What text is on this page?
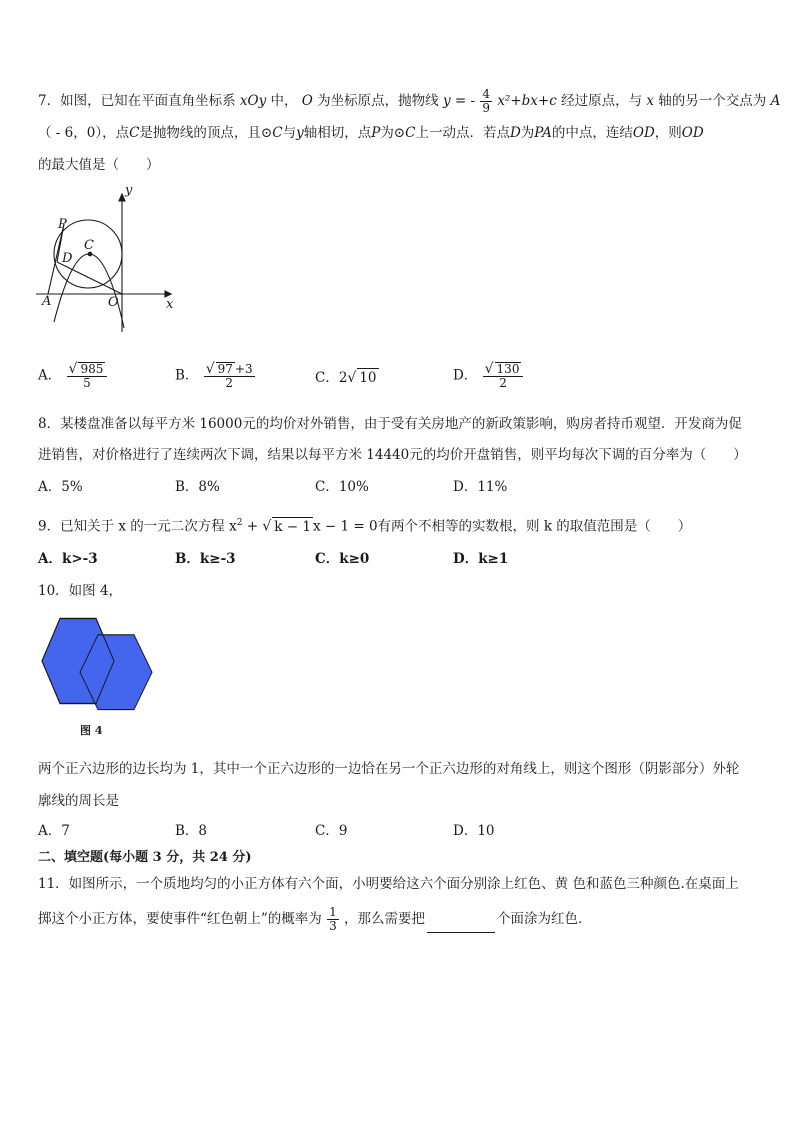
7．如图，已知在平面直角坐标系 xOy 中， O 为坐标原点，抛物线 y = - $\frac{4}{9} x^2+bx+c$ 经过原点，与 x 轴的另一个交点为 A
（ - 6，0），点C是抛物线的顶点，且⊙C与y轴相切，点P为⊙C上一动点．若点D为PA的中点，连结OD，则OD
的最大值是（　　）
y
x
P
C
D
A	O
A． $\frac{√ 985}{5}$	B． $\frac{√ 97 +3}{2}$	C．2√ 10	D． $\frac{√ 130}{2}$
8．某楼盘准备以每平方米 16000元的均价对外销售，由于受有关房地产的新政策影响，购房者持币观望．开发商为促
进销售，对价格进行了连续两次下调，结果以每平方米 14440元的均价开盘销售，则平均每次下调的百分率为（　　）
A．5%	B．8%	C．10%	D．11%
9．已知关于 x 的一元二次方程 $x^2$ + √ k − 1 x − 1 = 0有两个不相等的实数根，则 k 的取值范围是（　　）
A．k>-3	B．k≥-3	C．k≥0	D．k≥1
10．如图 4，
图 4
两个正六边形的边长均为 1，其中一个正六边形的一边恰在另一个正六边形的对角线上，则这个图形（阴影部分）外轮
廓线的周长是
A．7	B．8	C．9	D．10
二、填空题(每小题 3 分，共 24 分)
11．如图所示，一个质地均匀的小正方体有六个面，小明要给这六个面分别涂上红色、黄 色和蓝色三种颜色.在桌面上
掷这个小正方体，要使事件“红色朝上”的概率为 $\frac{1}{3}$ ，那么需要把	个面涂为红色．
